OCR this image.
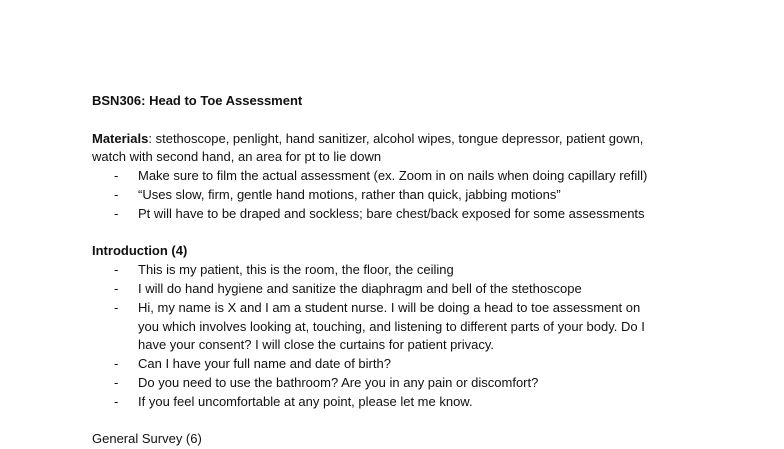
BSN306: Head to Toe Assessment
Materials: stethoscope, penlight, hand sanitizer, alcohol wipes, tongue depressor, patient gown,
watch with second hand, an area for pt to lie down
- Make sure to film the actual assessment (ex. Zoom in on nails when doing capillary refill)
- “Uses slow, firm, gentle hand motions, rather than quick, jabbing motions”
- Pt will have to be draped and sockless; bare chest/back exposed for some assessments
Introduction (4)
- This is my patient, this is the room, the floor, the ceiling
- I will do hand hygiene and sanitize the diaphragm and bell of the stethoscope
- Hi, my name is X and I am a student nurse. I will be doing a head to toe assessment on
you which involves looking at, touching, and listening to different parts of your body. Do I
have your consent? I will close the curtains for patient privacy.
- Can I have your full name and date of birth?
- Do you need to use the bathroom? Are you in any pain or discomfort?
- If you feel uncomfortable at any point, please let me know.
General Survey (6)
